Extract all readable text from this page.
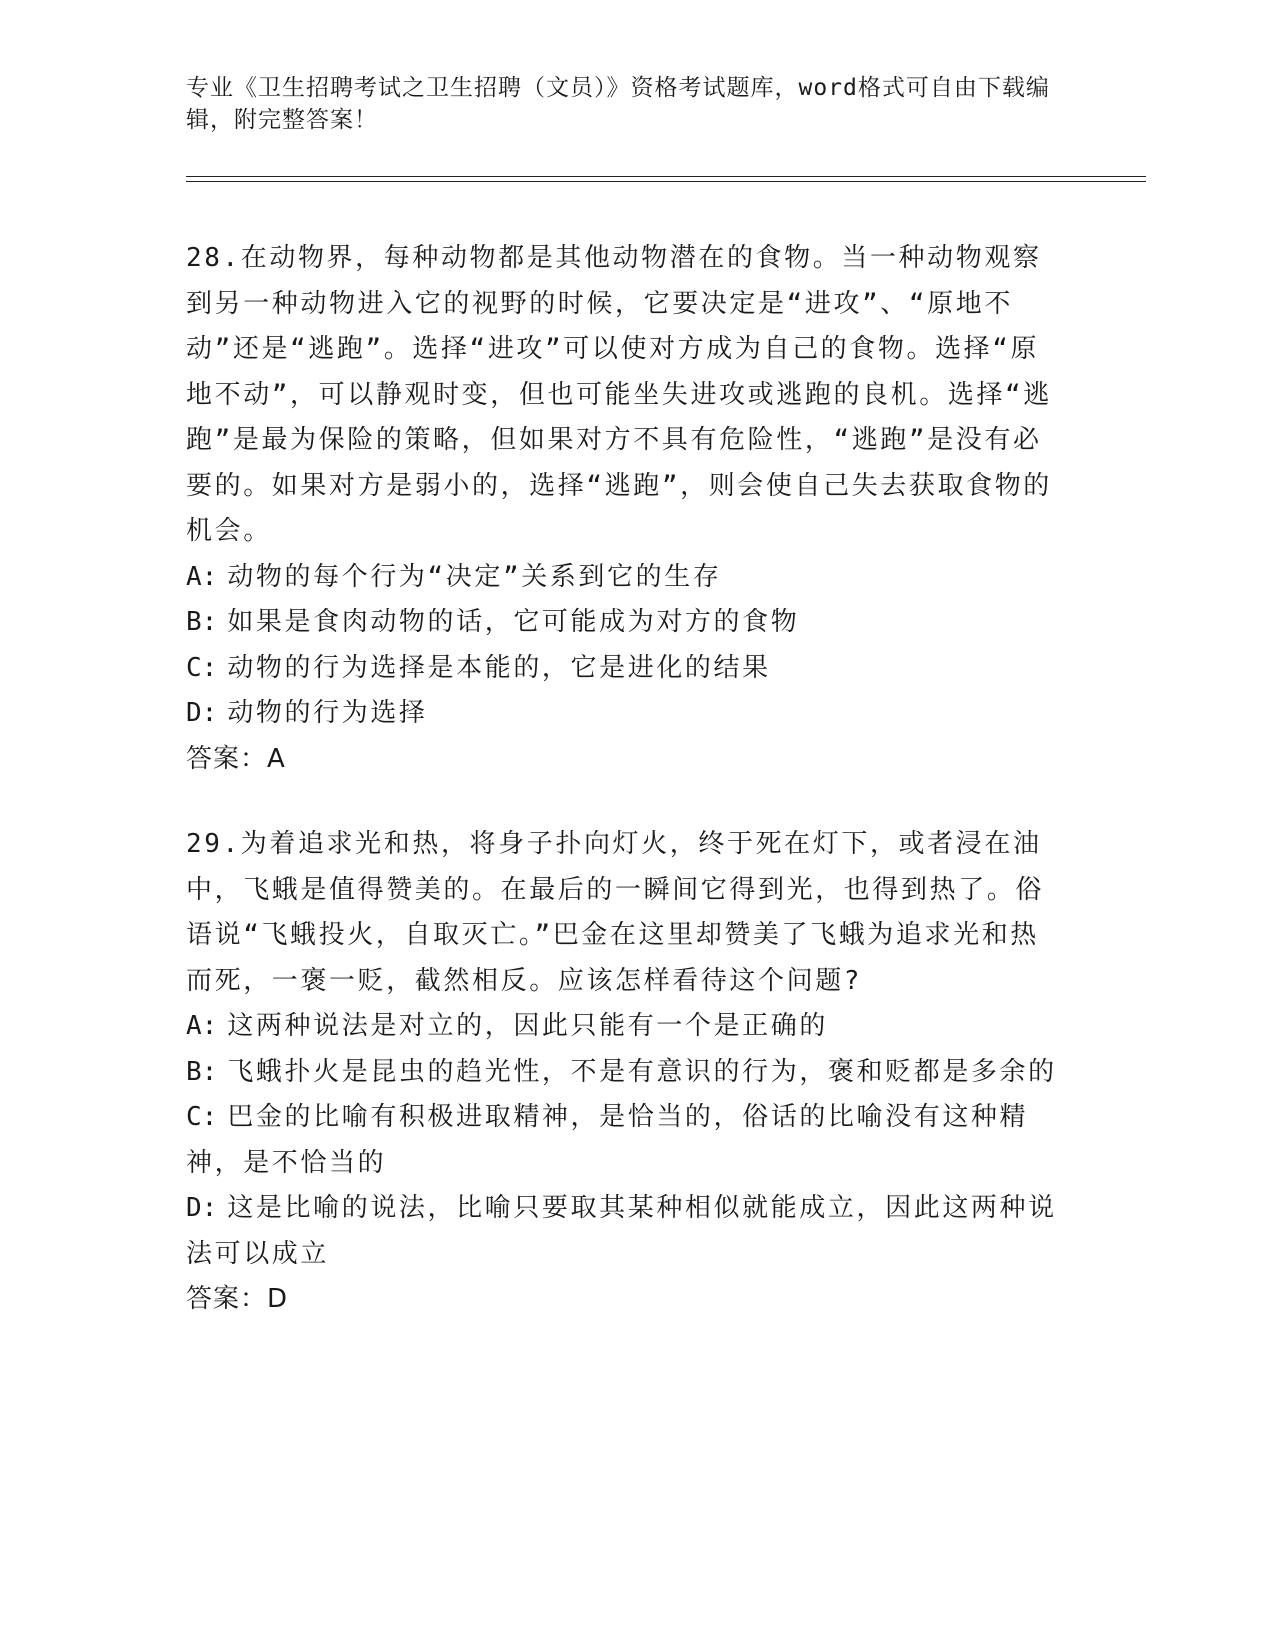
专业《卫生招聘考试之卫生招聘（文员）》资格考试题库，word格式可自由下载编辑，附完整答案！

28.在动物界，每种动物都是其他动物潜在的食物。当一种动物观察到另一种动物进入它的视野的时候，它要决定是“进攻”、“原地不动”还是“逃跑”。选择“进攻”可以使对方成为自己的食物。选择“原地不动”，可以静观时变，但也可能坐失进攻或逃跑的良机。选择“逃跑”是最为保险的策略，但如果对方不具有危险性，“逃跑”是没有必要的。如果对方是弱小的，选择“逃跑”，则会使自己失去获取食物的机会。

A: 动物的每个行为“决定”关系到它的生存

B: 如果是食肉动物的话，它可能成为对方的食物

C: 动物的行为选择是本能的，它是进化的结果

D: 动物的行为选择

答案：A

29.为着追求光和热，将身子扑向灯火，终于死在灯下，或者浸在油中，飞蛾是值得赞美的。在最后的一瞬间它得到光，也得到热了。俗语说“飞蛾投火，自取灭亡。”巴金在这里却赞美了飞蛾为追求光和热而死，一褒一贬，截然相反。应该怎样看待这个问题?

A: 这两种说法是对立的，因此只能有一个是正确的

B: 飞蛾扑火是昆虫的趋光性，不是有意识的行为，褒和贬都是多余的

C: 巴金的比喻有积极进取精神，是恰当的，俗话的比喻没有这种精神，是不恰当的

D: 这是比喻的说法，比喻只要取其某种相似就能成立，因此这两种说法可以成立

答案：D
